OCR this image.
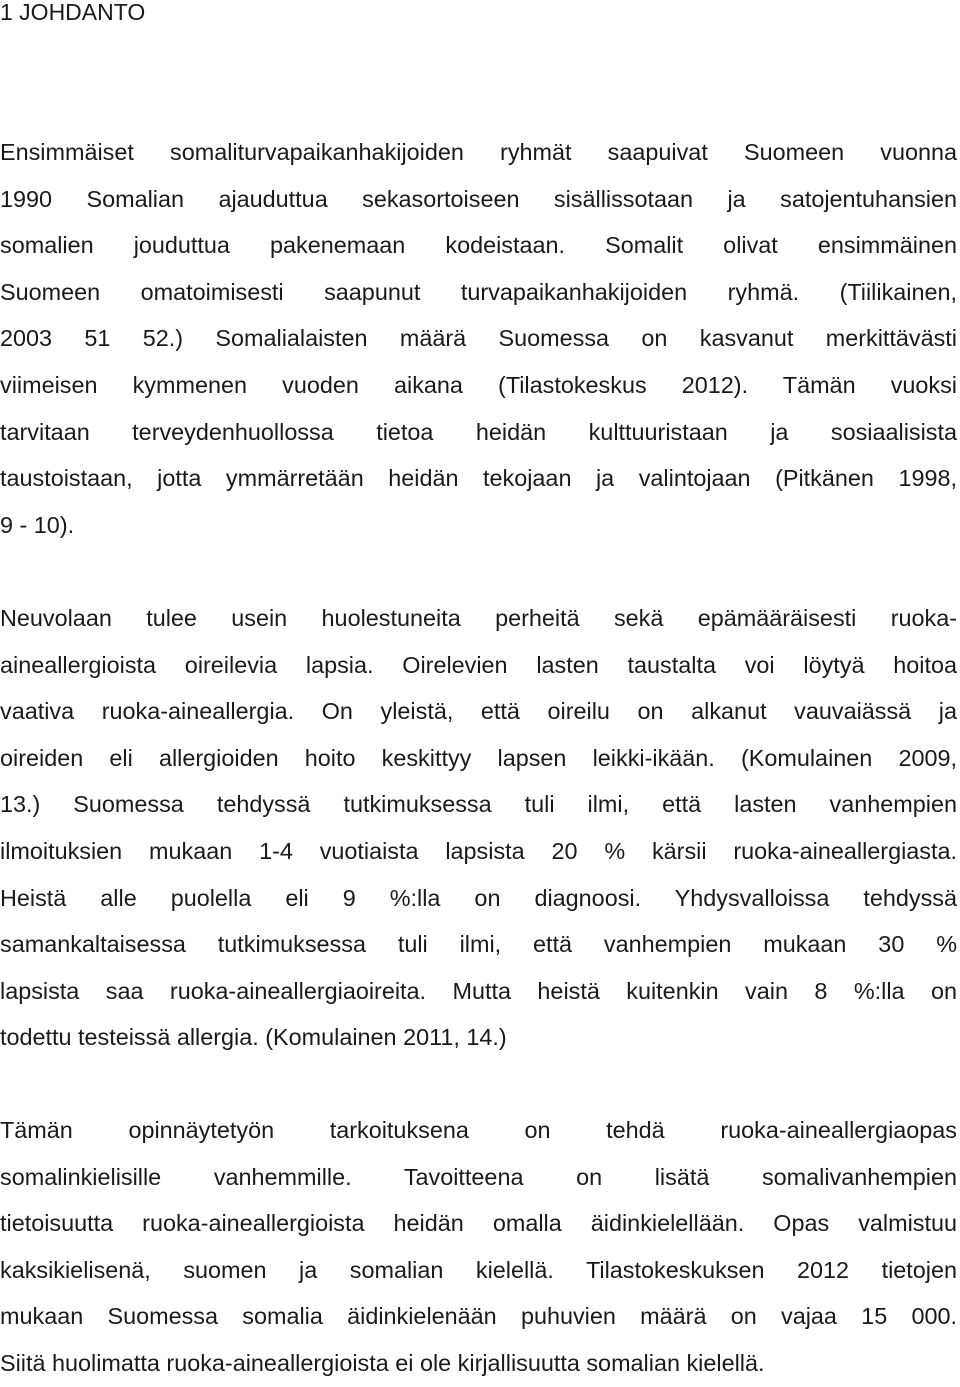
1 JOHDANTO

Ensimmäiset somaliturvapaikanhakijoiden ryhmät saapuivat Suomeen vuonna
1990 Somalian ajauduttua sekasortoiseen sisällissotaan ja satojentuhansien
somalien jouduttua pakenemaan kodeistaan. Somalit olivat ensimmäinen
Suomeen omatoimisesti saapunut turvapaikanhakijoiden ryhmä. (Tiilikainen,
2003 51 52.) Somalialaisten määrä Suomessa on kasvanut merkittävästi
viimeisen kymmenen vuoden aikana (Tilastokeskus 2012). Tämän vuoksi
tarvitaan terveydenhuollossa tietoa heidän kulttuuristaan ja sosiaalisista
taustoistaan, jotta ymmärretään heidän tekojaan ja valintojaan (Pitkänen 1998,
9 - 10).

Neuvolaan tulee usein huolestuneita perheitä sekä epämääräisesti ruoka-
aineallergioista oireilevia lapsia. Oirelevien lasten taustalta voi löytyä hoitoa
vaativa ruoka-aineallergia. On yleistä, että oireilu on alkanut vauvaiässä ja
oireiden eli allergioiden hoito keskittyy lapsen leikki-ikään. (Komulainen 2009,
13.) Suomessa tehdyssä tutkimuksessa tuli ilmi, että lasten vanhempien
ilmoituksien mukaan 1-4 vuotiaista lapsista 20 % kärsii ruoka-aineallergiasta.
Heistä alle puolella eli 9 %:lla on diagnoosi. Yhdysvalloissa tehdyssä
samankaltaisessa tutkimuksessa tuli ilmi, että vanhempien mukaan 30 %
lapsista saa ruoka-aineallergiaoireita. Mutta heistä kuitenkin vain 8 %:lla on
todettu testeissä allergia. (Komulainen 2011, 14.)

Tämän opinnäytetyön tarkoituksena on tehdä ruoka-aineallergiaopas
somalinkielisille vanhemmille. Tavoitteena on lisätä somalivanhempien
tietoisuutta ruoka-aineallergioista heidän omalla äidinkielellään. Opas valmistuu
kaksikielisenä, suomen ja somalian kielellä. Tilastokeskuksen 2012 tietojen
mukaan Suomessa somalia äidinkielenään puhuvien määrä on vajaa 15 000.
Siitä huolimatta ruoka-aineallergioista ei ole kirjallisuutta somalian kielellä.
